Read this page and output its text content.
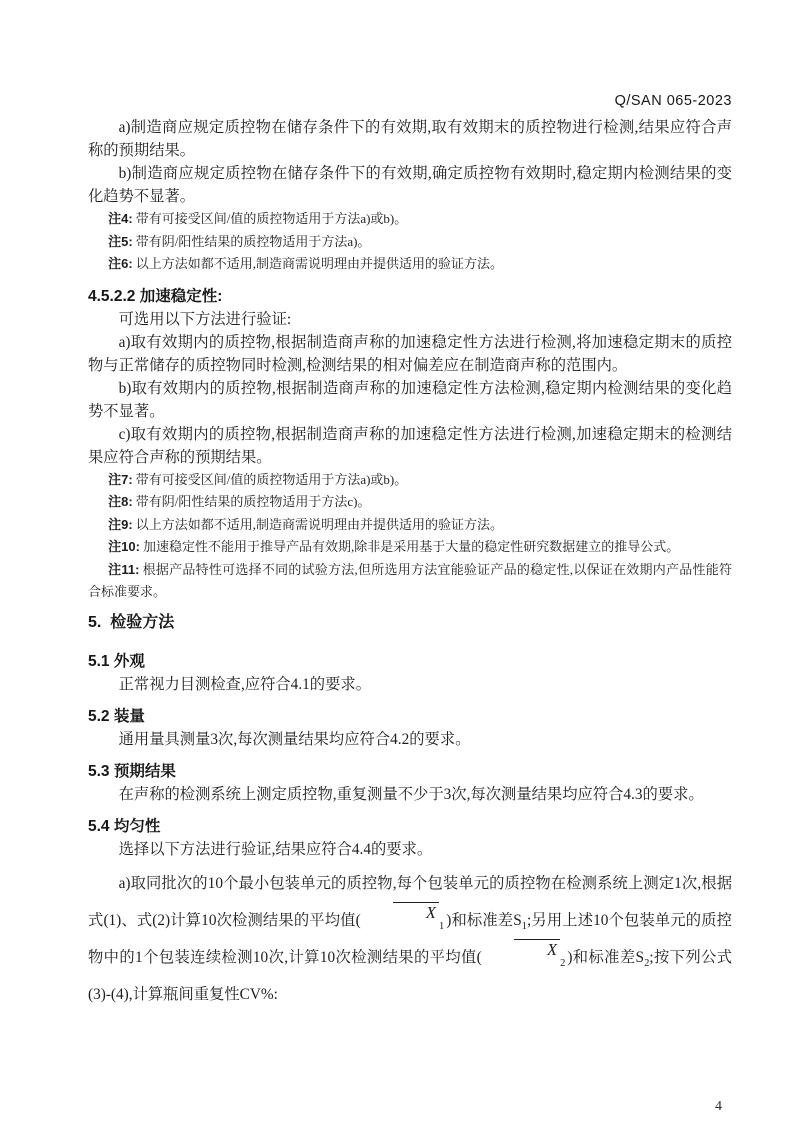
Q/SAN 065-2023

a)制造商应规定质控物在储存条件下的有效期,取有效期末的质控物进行检测,结果应符合声称的预期结果。

b)制造商应规定质控物在储存条件下的有效期,确定质控物有效期时,稳定期内检测结果的变化趋势不显著。

注4: 带有可接受区间/值的质控物适用于方法a)或b)。

注5: 带有阴/阳性结果的质控物适用于方法a)。

注6: 以上方法如都不适用,制造商需说明理由并提供适用的验证方法。

4.5.2.2 加速稳定性:

可选用以下方法进行验证:

a)取有效期内的质控物,根据制造商声称的加速稳定性方法进行检测,将加速稳定期末的质控物与正常储存的质控物同时检测,检测结果的相对偏差应在制造商声称的范围内。

b)取有效期内的质控物,根据制造商声称的加速稳定性方法检测,稳定期内检测结果的变化趋势不显著。

c)取有效期内的质控物,根据制造商声称的加速稳定性方法进行检测,加速稳定期末的检测结果应符合声称的预期结果。

注7: 带有可接受区间/值的质控物适用于方法a)或b)。

注8: 带有阴/阳性结果的质控物适用于方法c)。

注9: 以上方法如都不适用,制造商需说明理由并提供适用的验证方法。

注10: 加速稳定性不能用于推导产品有效期,除非是采用基于大量的稳定性研究数据建立的推导公式。

注11: 根据产品特性可选择不同的试验方法,但所选用方法宜能验证产品的稳定性,以保证在效期内产品性能符合标准要求。

5.  检验方法
5.1 外观

正常视力目测检查,应符合4.1的要求。

5.2 装量

通用量具测量3次,每次测量结果均应符合4.2的要求。

5.3 预期结果

在声称的检测系统上测定质控物,重复测量不少于3次,每次测量结果均应符合4.3的要求。

5.4 均匀性

选择以下方法进行验证,结果应符合4.4的要求。

a)取同批次的10个最小包装单元的质控物,每个包装单元的质控物在检测系统上测定1次,根据式(1)、式(2)计算10次检测结果的平均值(	$X_1$ )和标准差$S_1$;另用上述10个包装单元的质控物中的1个包装连续检测10次,计算10次检测结果的平均值(	$X_2$ )和标准差$S_2$;按下列公式(3)-(4),计算瓶间重复性CV%:

4
